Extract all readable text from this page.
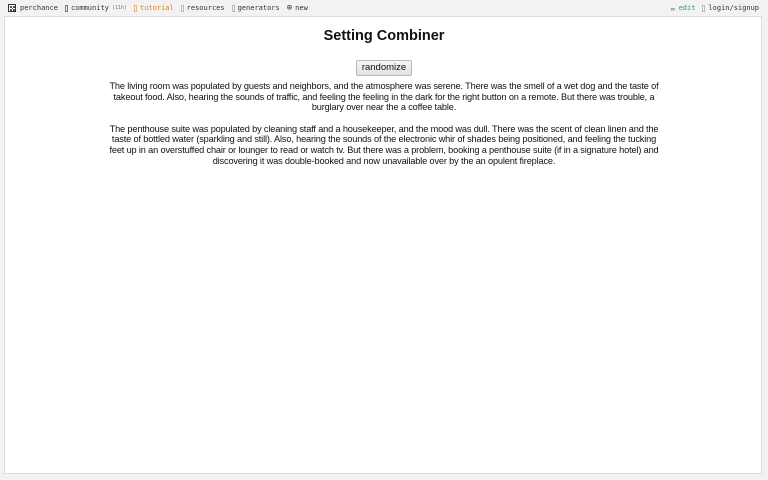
perchance community (11h) tutorial resources generators ⊕ new	✏ edit login/signup
Setting Combiner
randomize

The living room was populated by guests and neighbors, and the atmosphere was serene. There was the smell of a wet dog and the taste of takeout food. Also, hearing the sounds of traffic, and feeling the feeling in the dark for the right button on a remote. But there was trouble, a burglary over near the a coffee table.

The penthouse suite was populated by cleaning staff and a housekeeper, and the mood was dull. There was the scent of clean linen and the taste of bottled water (sparkling and still). Also, hearing the sounds of the electronic whir of shades being positioned, and feeling the tucking feet up in an overstuffed chair or lounger to read or watch tv. But there was a problem, booking a penthouse suite (if in a signature hotel) and discovering it was double-booked and now unavailable over by the an opulent fireplace.
